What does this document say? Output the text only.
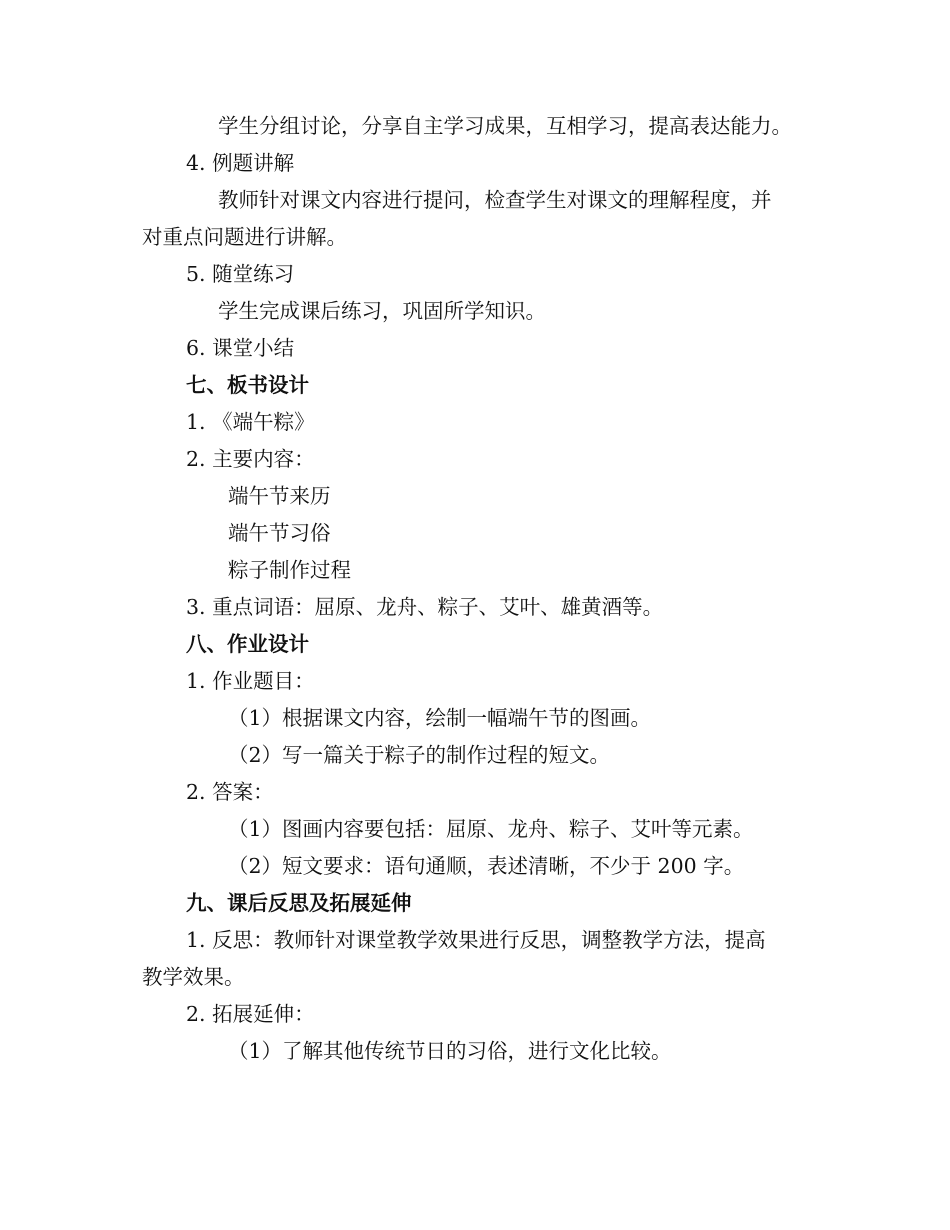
学生分组讨论，分享自主学习成果，互相学习，提高表达能力。
4. 例题讲解
教师针对课文内容进行提问，检查学生对课文的理解程度，并
对重点问题进行讲解。
5. 随堂练习
学生完成课后练习，巩固所学知识。
6. 课堂小结
七、板书设计
1. 《端午粽》
2. 主要内容：
端午节来历
端午节习俗
粽子制作过程
3. 重点词语：屈原、龙舟、粽子、艾叶、雄黄酒等。
八、作业设计
1. 作业题目：
（1）根据课文内容，绘制一幅端午节的图画。
（2）写一篇关于粽子的制作过程的短文。
2. 答案：
（1）图画内容要包括：屈原、龙舟、粽子、艾叶等元素。
（2）短文要求：语句通顺，表述清晰，不少于 200 字。
九、课后反思及拓展延伸
1. 反思：教师针对课堂教学效果进行反思，调整教学方法，提高
教学效果。
2. 拓展延伸：
（1）了解其他传统节日的习俗，进行文化比较。
